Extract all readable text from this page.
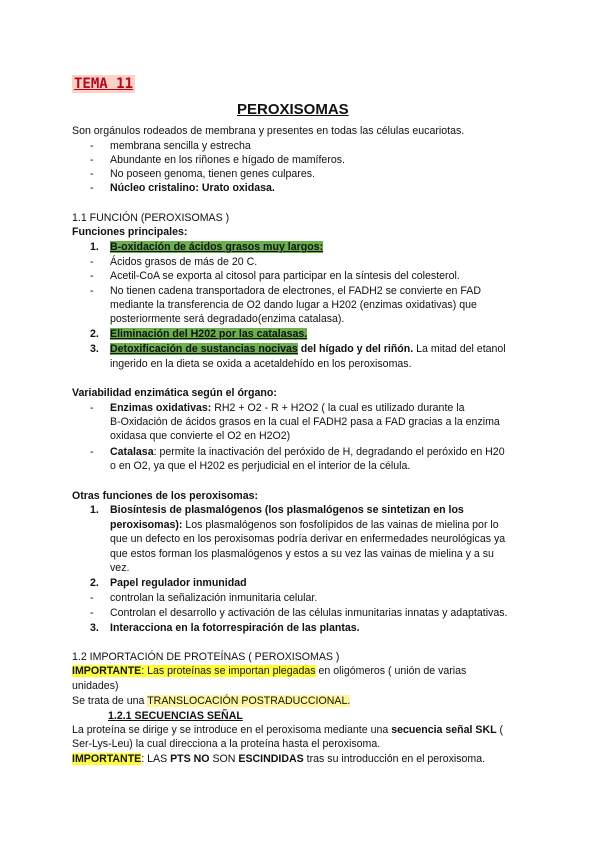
TEMA 11
PEROXISOMAS
Son orgánulos rodeados de membrana y presentes en todas las células eucariotas.
- membrana sencilla y estrecha
- Abundante en los riñones e hígado de mamíferos.
- No poseen genoma, tienen genes culpares.
- Núcleo cristalino: Urato oxidasa.
1.1 FUNCIÓN (PEROXISOMAS )
Funciones principales:
1. B-oxidación de ácidos grasos muy largos:
- Ácidos grasos de más de 20 C.
- Acetil-CoA se exporta al citosol para participar en la síntesis del colesterol.
- No tienen cadena transportadora de electrones, el FADH2 se convierte en FAD
mediante la transferencia de O2 dando lugar a H202 (enzimas oxidativas) que
posteriormente será degradado(enzima catalasa).
2. Eliminación del H202 por las catalasas.
3. Detoxificación de sustancias nocivas del hígado y del riñón. La mitad del etanol
ingerido en la dieta se oxida a acetaldehído en los peroxisomas.
Variabilidad enzimática según el órgano:
- Enzimas oxidativas: RH2 + O2 - R + H2O2 ( la cual es utilizado durante la
B-Oxidación de ácidos grasos en la cual el FADH2 pasa a FAD gracias a la enzima
oxidasa que convierte el O2 en H2O2)
- Catalasa: permite la inactivación del peróxido de H, degradando el peróxido en H20
o en O2, ya que el H202 es perjudicial en el interior de la célula.
Otras funciones de los peroxisomas:
1. Biosíntesis de plasmalógenos (los plasmalógenos se sintetizan en los
peroxisomas): Los plasmalógenos son fosfolípidos de las vainas de mielina por lo
que un defecto en los peroxisomas podría derivar en enfermedades neurológicas ya
que estos forman los plasmalógenos y estos a su vez las vainas de mielina y a su
vez.
2. Papel regulador inmunidad
- controlan la señalización inmunitaria celular.
- Controlan el desarrollo y activación de las células inmunitarias innatas y adaptativas.
3. Interacciona en la fotorrespiración de las plantas.
1.2 IMPORTACIÓN DE PROTEÍNAS ( PEROXISOMAS )
IMPORTANTE: Las proteínas se importan plegadas en oligómeros ( unión de varias
unidades)
Se trata de una TRANSLOCACIÓN POSTRADUCCIONAL.
1.2.1 SECUENCIAS SEÑAL
La proteína se dirige y se introduce en el peroxisoma mediante una secuencia señal SKL (
Ser-Lys-Leu) la cual direcciona a la proteína hasta el peroxisoma.
IMPORTANTE: LAS PTS NO SON ESCINDIDAS tras su introducción en el peroxisoma.
